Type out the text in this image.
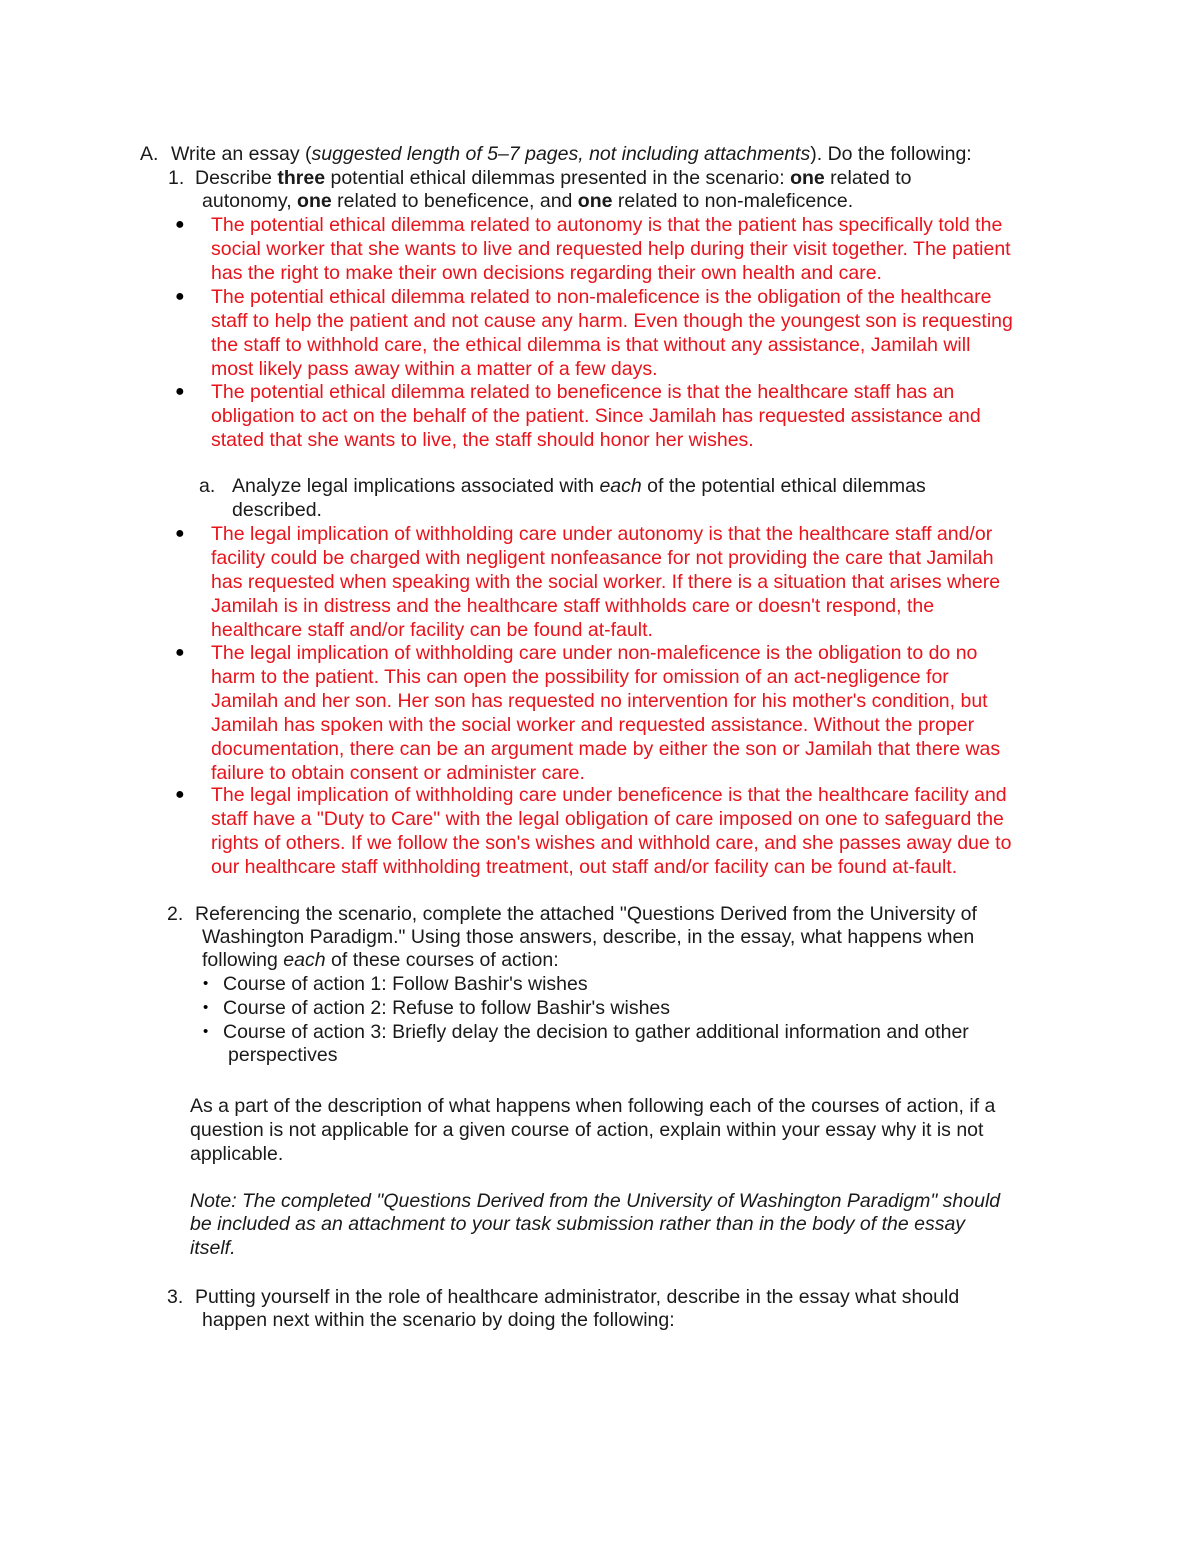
A. Write an essay (suggested length of 5–7 pages, not including attachments). Do the following:
1. Describe three potential ethical dilemmas presented in the scenario: one related to
autonomy, one related to beneficence, and one related to non-maleficence.
● The potential ethical dilemma related to autonomy is that the patient has specifically told the
social worker that she wants to live and requested help during their visit together. The patient
has the right to make their own decisions regarding their own health and care.
● The potential ethical dilemma related to non-maleficence is the obligation of the healthcare
staff to help the patient and not cause any harm. Even though the youngest son is requesting
the staff to withhold care, the ethical dilemma is that without any assistance, Jamilah will
most likely pass away within a matter of a few days.
● The potential ethical dilemma related to beneficence is that the healthcare staff has an
obligation to act on the behalf of the patient. Since Jamilah has requested assistance and
stated that she wants to live, the staff should honor her wishes.
a. Analyze legal implications associated with each of the potential ethical dilemmas
described.
● The legal implication of withholding care under autonomy is that the healthcare staff and/or
facility could be charged with negligent nonfeasance for not providing the care that Jamilah
has requested when speaking with the social worker. If there is a situation that arises where
Jamilah is in distress and the healthcare staff withholds care or doesn't respond, the
healthcare staff and/or facility can be found at-fault.
● The legal implication of withholding care under non-maleficence is the obligation to do no
harm to the patient. This can open the possibility for omission of an act-negligence for
Jamilah and her son. Her son has requested no intervention for his mother's condition, but
Jamilah has spoken with the social worker and requested assistance. Without the proper
documentation, there can be an argument made by either the son or Jamilah that there was
failure to obtain consent or administer care.
● The legal implication of withholding care under beneficence is that the healthcare facility and
staff have a "Duty to Care" with the legal obligation of care imposed on one to safeguard the
rights of others. If we follow the son's wishes and withhold care, and she passes away due to
our healthcare staff withholding treatment, out staff and/or facility can be found at-fault.
2. Referencing the scenario, complete the attached "Questions Derived from the University of
Washington Paradigm." Using those answers, describe, in the essay, what happens when
following each of these courses of action:
• Course of action 1: Follow Bashir's wishes
• Course of action 2: Refuse to follow Bashir's wishes
• Course of action 3: Briefly delay the decision to gather additional information and other
perspectives
As a part of the description of what happens when following each of the courses of action, if a
question is not applicable for a given course of action, explain within your essay why it is not
applicable.
Note: The completed "Questions Derived from the University of Washington Paradigm" should
be included as an attachment to your task submission rather than in the body of the essay
itself.
3. Putting yourself in the role of healthcare administrator, describe in the essay what should
happen next within the scenario by doing the following:
